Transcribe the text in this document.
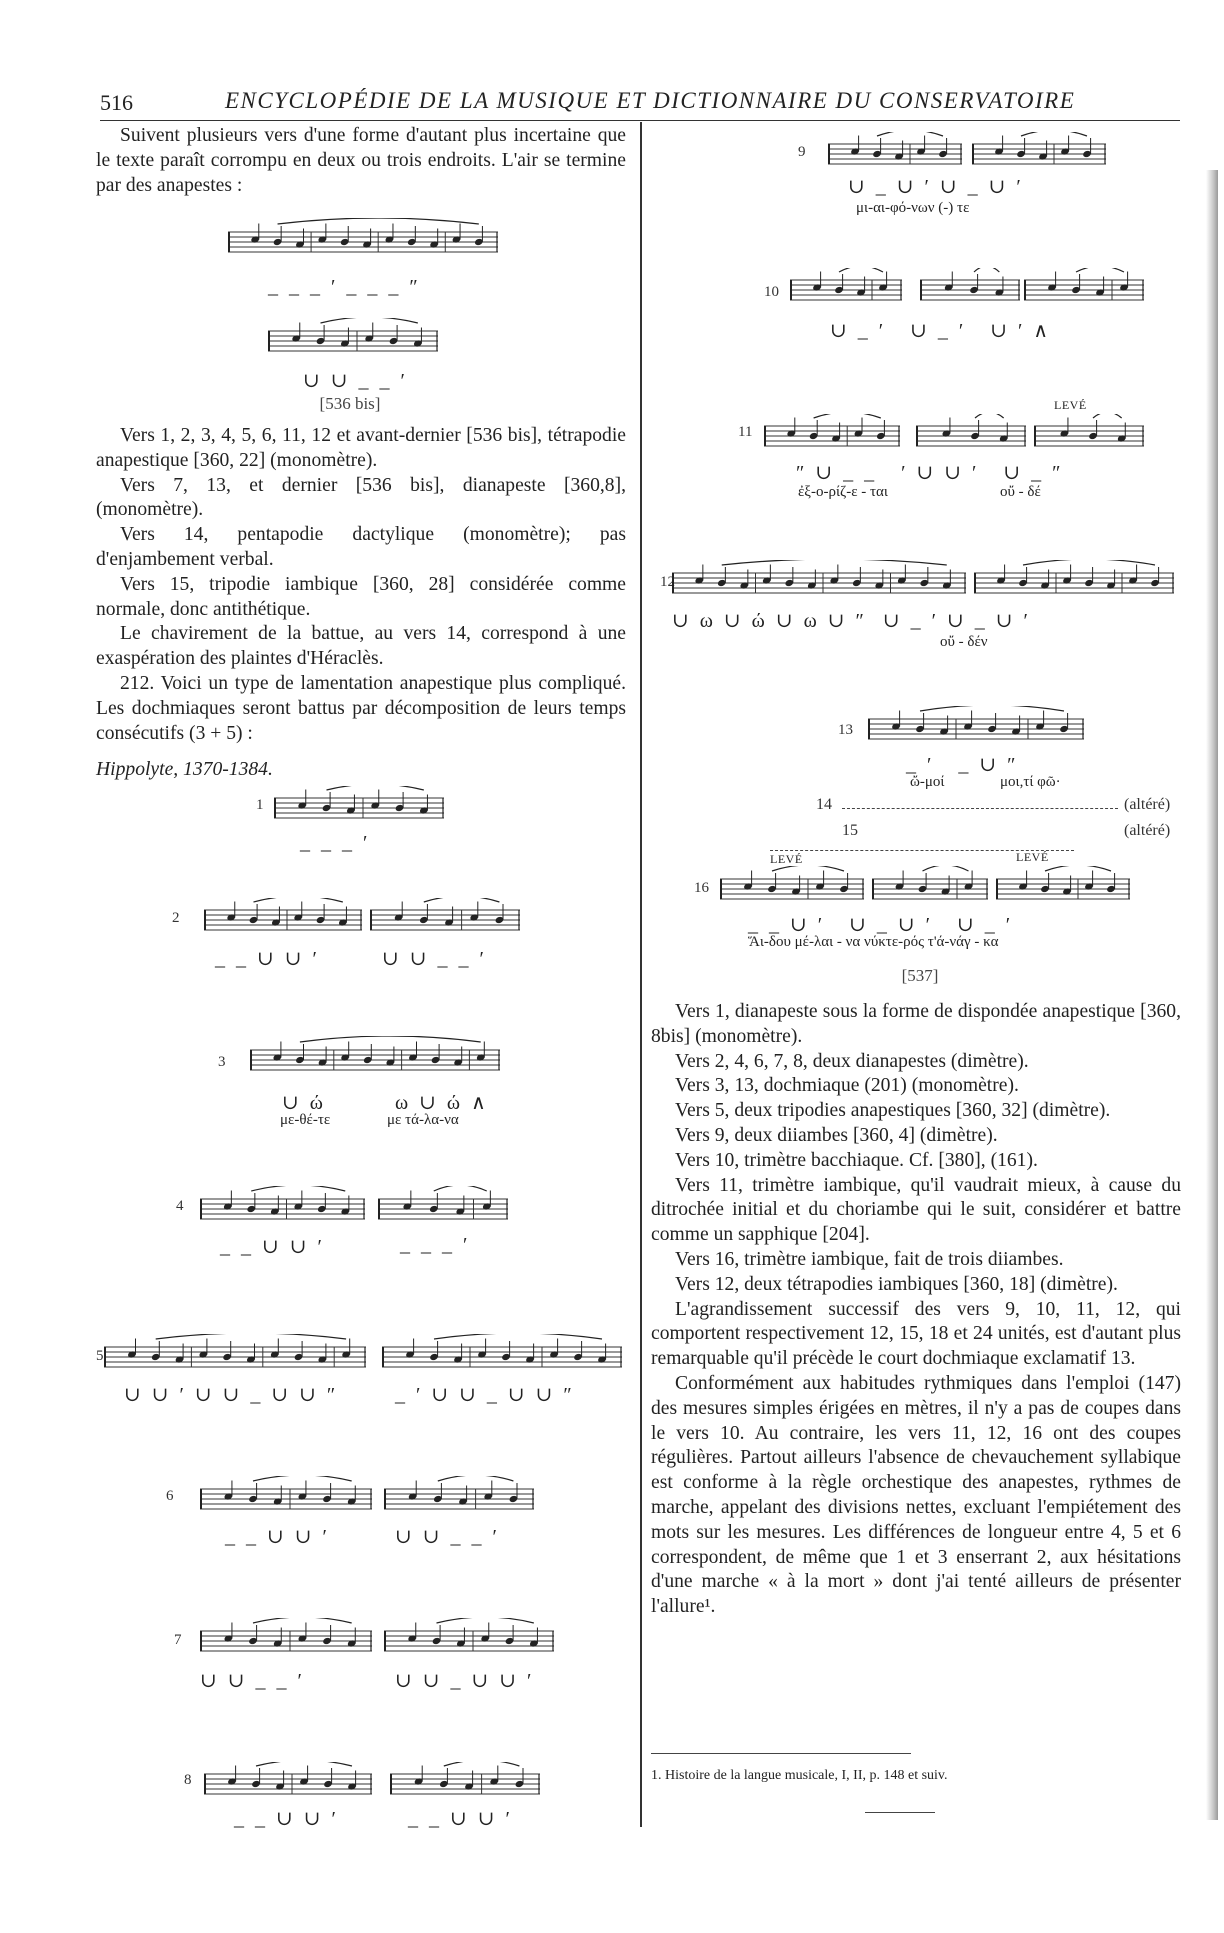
516	ENCYCLOPÉDIE DE LA MUSIQUE ET DICTIONNAIRE DU CONSERVATOIRE

Suivent plusieurs vers d'une forme d'autant plus incertaine que le texte paraît corrompu en deux ou trois endroits. L'air se termine par des anapestes :

_ _ _ ′ _ _ _ ″
∪ ∪ _ _ ′
[536 bis]

Vers 1, 2, 3, 4, 5, 6, 11, 12 et avant-dernier [536 bis], tétrapodie anapestique [360, 22] (monomètre).

Vers 7, 13, et dernier [536 bis], dianapeste [360,8], (monomètre).

Vers 14, pentapodie dactylique (monomètre); pas d'enjambement verbal.

Vers 15, tripodie iambique [360, 28] considérée comme normale, donc antithétique.

Le chavirement de la battue, au vers 14, correspond à une exaspération des plaintes d'Héraclès.

212. Voici un type de lamentation anapestique plus compliqué. Les dochmiaques seront battus par décomposition de leurs temps consécutifs (3 + 5) :

Hippolyte, 1370-1384.

1
_ _ _ ′
2
_ _ ∪ ∪ ′	∪ ∪ _ _ ′
3
∪ ώ	ω ∪ ώ ∧
με-θέ-τε	με τά-λα-να
4
_ _ ∪ ∪ ′	_ _ _ ′
5
∪ ∪ ′ ∪ ∪ _ ∪ ∪ ″	_ ′ ∪ ∪ _ ∪ ∪ ″
6
_ _ ∪ ∪ ′	∪ ∪ _ _ ′
7
∪ ∪ _ _ ′	∪ ∪ _ ∪ ∪ ′
8
_ _ ∪ ∪ ′	_ _ ∪ ∪ ′
9
∪ _ ∪ ′ ∪ _ ∪ ′
μι-αι-φό-νων (-) τε
10
∪ _ ′   ∪ _ ′   ∪ ′ ∧
LEVÉ
11
″ ∪ _ _   ′ ∪ ∪ ′   ∪ _ ″
ἐξ-ο-ρίζ-ε - ται	οὔ - δέ
12
∪ ω ∪ ώ ∪ ω ∪ ″  ∪ _ ′ ∪ _ ∪ ′
οὔ - δέν
13
_ ′   _ ∪ ″
ὤ-μοί	μοι,τί φῶ·
14	(altéré)
15	(altéré)
LEVÉ	LEVÉ
16
_ _ ∪ ′   ∪ _ ∪ ′   ∪ _ ′
Ἅι-δου μέ-λαι - να νύκτε-ρός τ'ά-νάγ - κα
[537]

Vers 1, dianapeste sous la forme de dispondée anapestique [360, 8bis] (monomètre).

Vers 2, 4, 6, 7, 8, deux dianapestes (dimètre).

Vers 3, 13, dochmiaque (201) (monomètre).

Vers 5, deux tripodies anapestiques [360, 32] (dimètre).

Vers 9, deux diiambes [360, 4] (dimètre).

Vers 10, trimètre bacchiaque. Cf. [380], (161).

Vers 11, trimètre iambique, qu'il vaudrait mieux, à cause du ditrochée initial et du choriambe qui le suit, considérer et battre comme un sapphique [204].

Vers 16, trimètre iambique, fait de trois diiambes.

Vers 12, deux tétrapodies iambiques [360, 18] (dimètre).

L'agrandissement successif des vers 9, 10, 11, 12, qui comportent respectivement 12, 15, 18 et 24 unités, est d'autant plus remarquable qu'il précède le court dochmiaque exclamatif 13.

Conformément aux habitudes rythmiques dans l'emploi (147) des mesures simples érigées en mètres, il n'y a pas de coupes dans le vers 10. Au contraire, les vers 11, 12, 16 ont des coupes régulières. Partout ailleurs l'absence de chevauchement syllabique est conforme à la règle orchestique des anapestes, rythmes de marche, appelant des divisions nettes, excluant l'empiétement des mots sur les mesures. Les différences de longueur entre 4, 5 et 6 correspondent, de même que 1 et 3 enserrant 2, aux hésitations d'une marche « à la mort » dont j'ai tenté ailleurs de présenter l'allure¹.

1. Histoire de la langue musicale, I, II, p. 148 et suiv.
